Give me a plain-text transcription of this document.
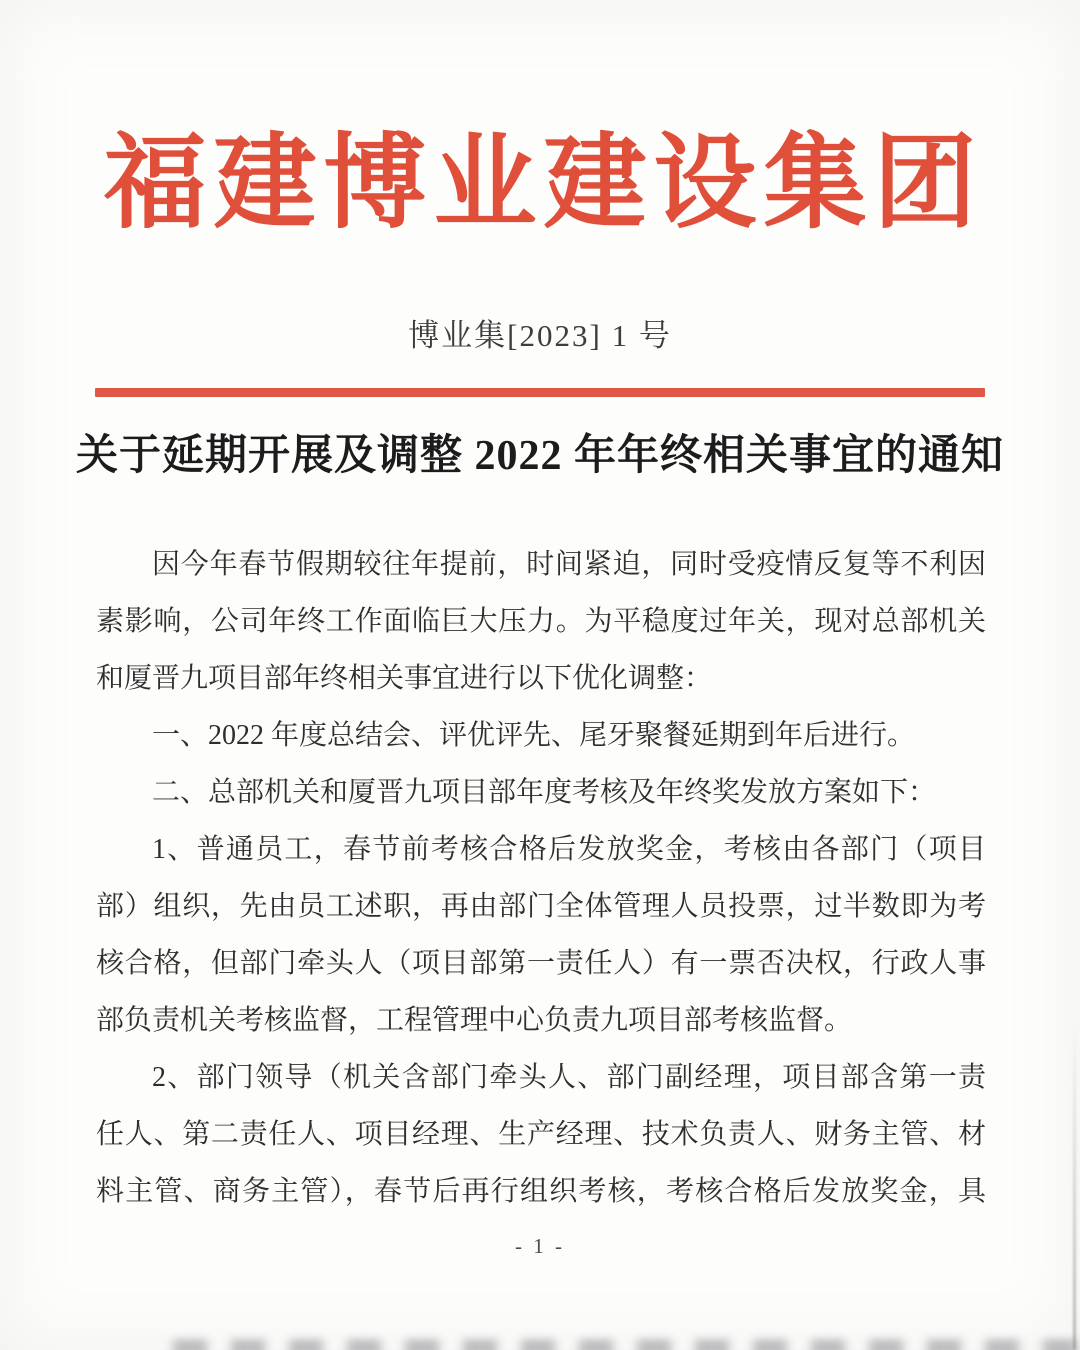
福建博业建设集团
博业集[2023] 1 号
关于延期开展及调整 2022 年年终相关事宜的通知
因今年春节假期较往年提前，时间紧迫，同时受疫情反复等不利因
素影响，公司年终工作面临巨大压力。为平稳度过年关，现对总部机关
和厦晋九项目部年终相关事宜进行以下优化调整：
一、2022 年度总结会、评优评先、尾牙聚餐延期到年后进行。
二、总部机关和厦晋九项目部年度考核及年终奖发放方案如下：
1、普通员工，春节前考核合格后发放奖金，考核由各部门（项目
部）组织，先由员工述职，再由部门全体管理人员投票，过半数即为考
核合格，但部门牵头人（项目部第一责任人）有一票否决权，行政人事
部负责机关考核监督，工程管理中心负责九项目部考核监督。
2、部门领导（机关含部门牵头人、部门副经理，项目部含第一责
任人、第二责任人、项目经理、生产经理、技术负责人、财务主管、材
料主管、商务主管），春节后再行组织考核，考核合格后发放奖金，具
- 1 -
